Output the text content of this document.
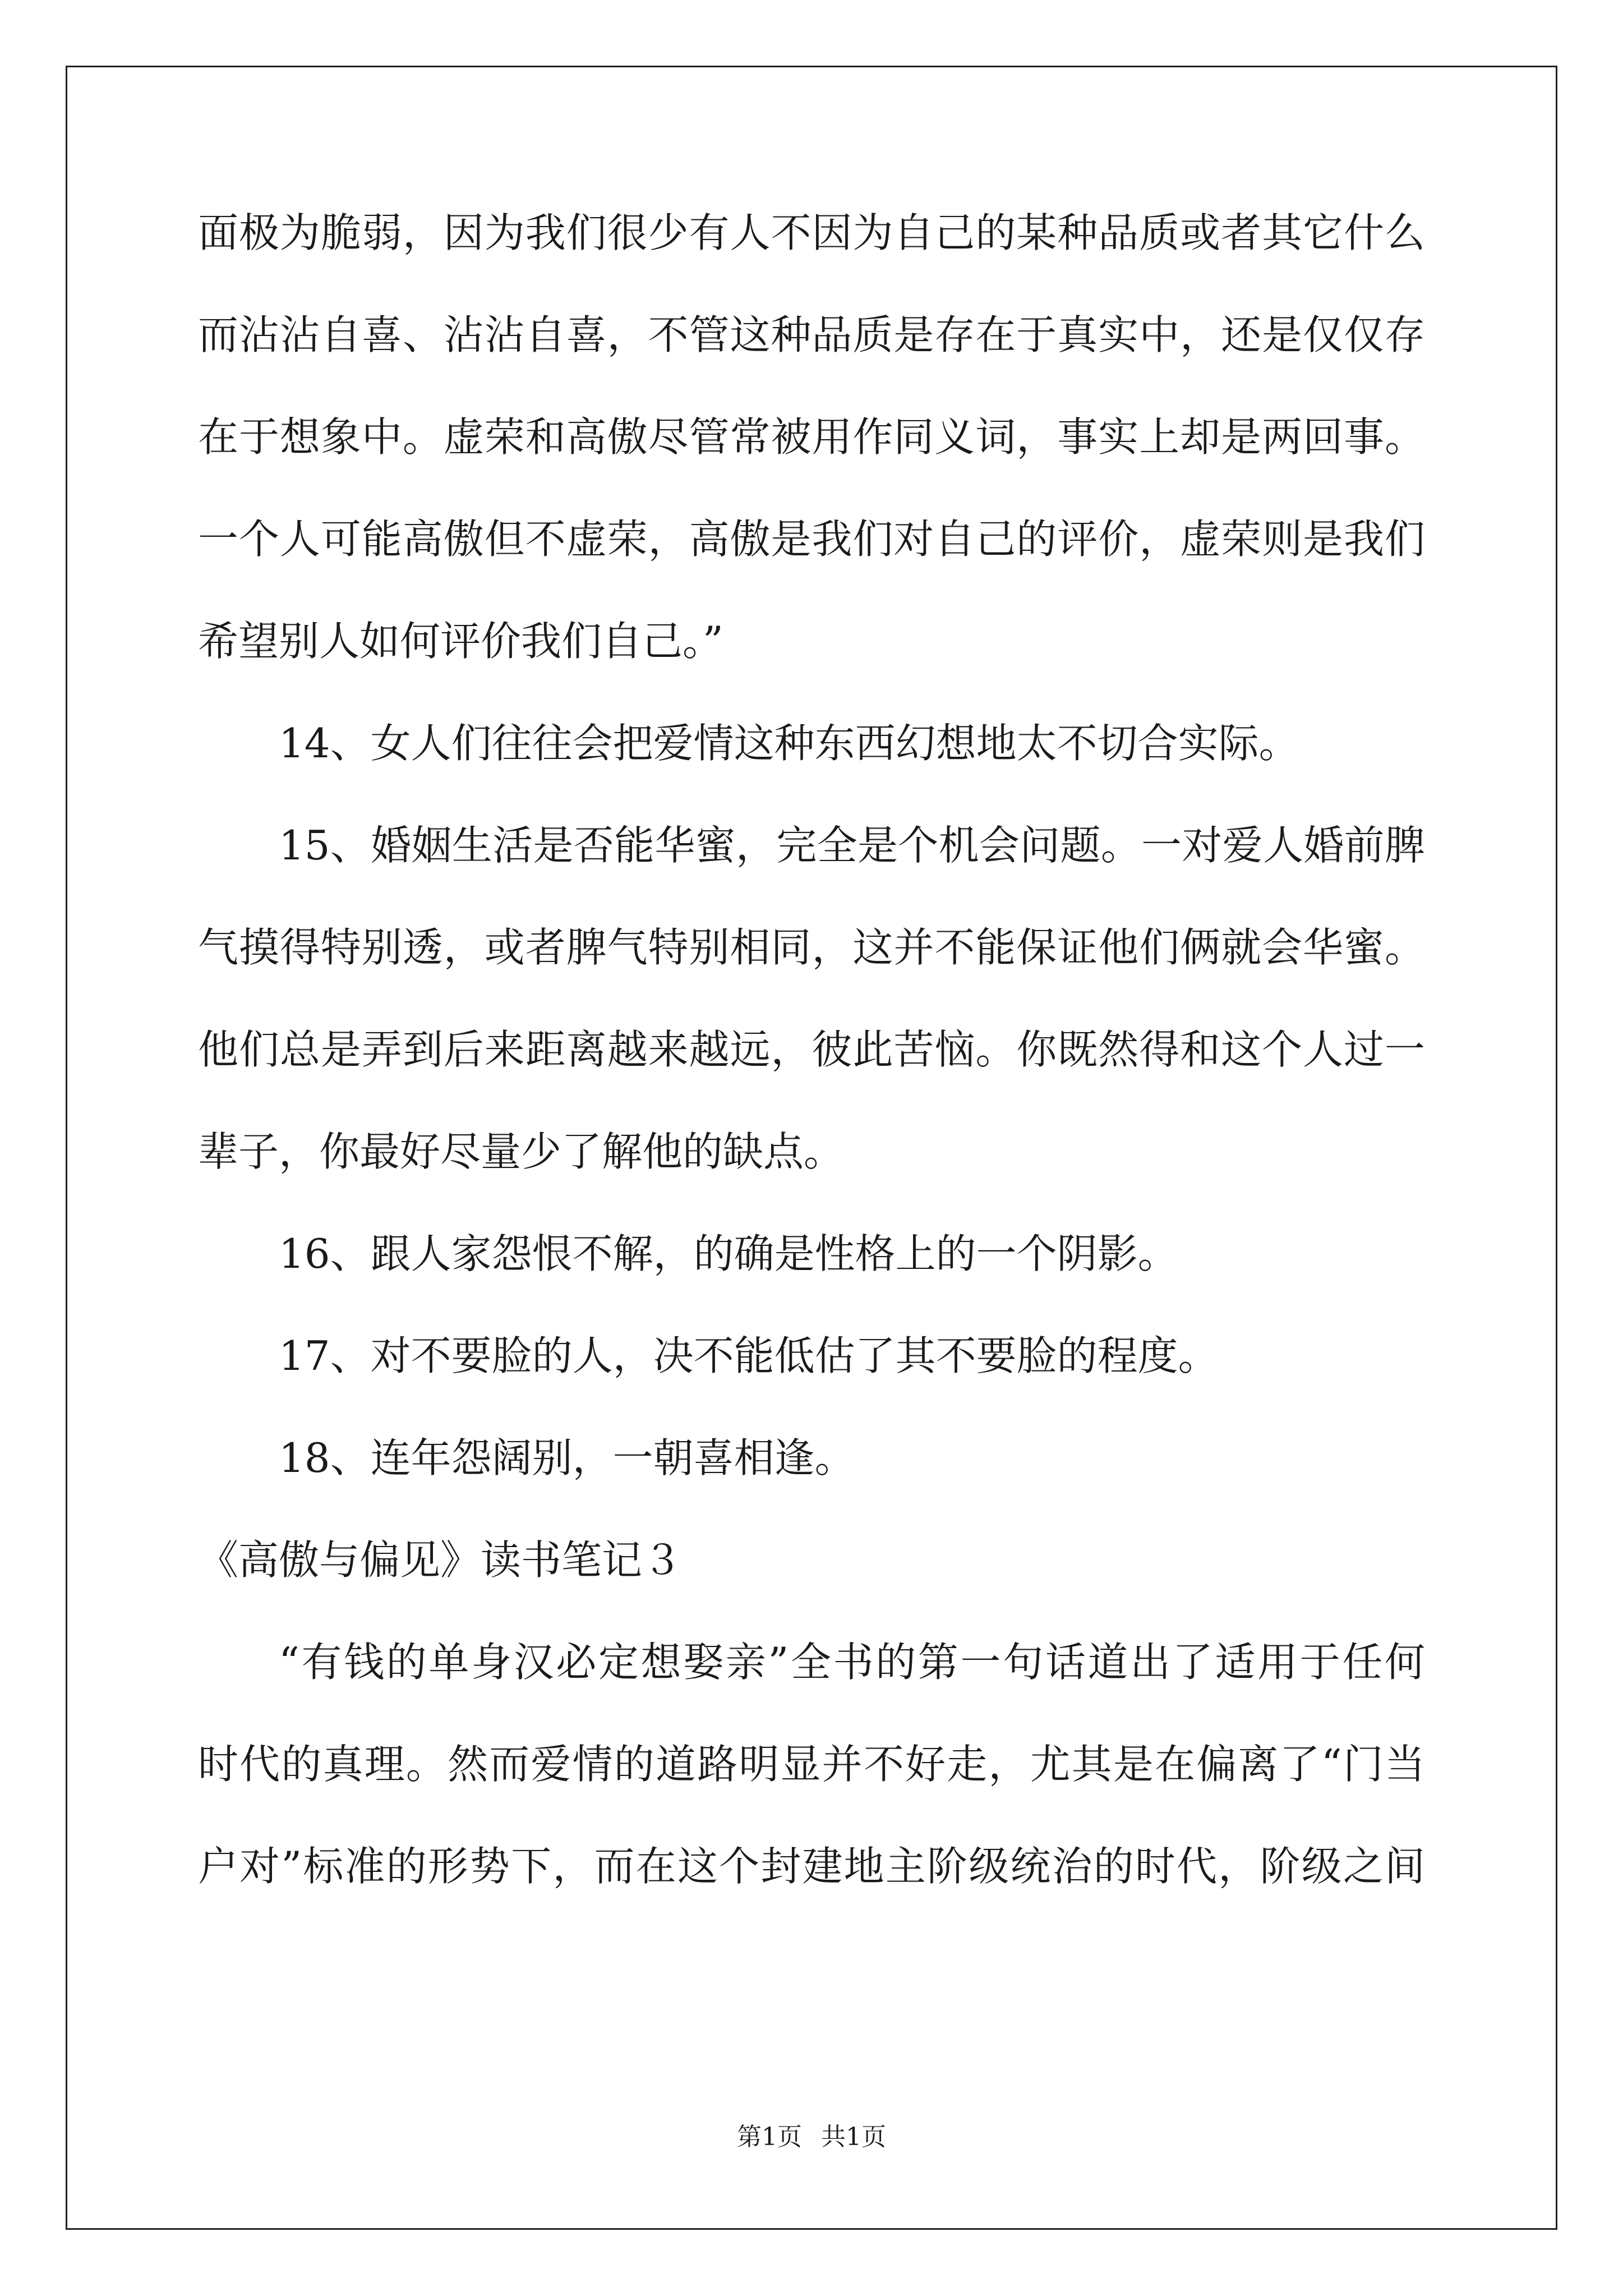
面极为脆弱，因为我们很少有人不因为自己的某种品质或者其它什么
而沾沾自喜、沾沾自喜，不管这种品质是存在于真实中，还是仅仅存
在于想象中。虚荣和高傲尽管常被用作同义词，事实上却是两回事。
一个人可能高傲但不虚荣，高傲是我们对自己的评价，虚荣则是我们
希望别人如何评价我们自己。”
14、女人们往往会把爱情这种东西幻想地太不切合实际。
15、婚姻生活是否能华蜜，完全是个机会问题。一对爱人婚前脾
气摸得特别透，或者脾气特别相同，这并不能保证他们俩就会华蜜。
他们总是弄到后来距离越来越远，彼此苦恼。你既然得和这个人过一
辈子，你最好尽量少了解他的缺点。
16、跟人家怨恨不解，的确是性格上的一个阴影。
17、对不要脸的人，决不能低估了其不要脸的程度。
18、连年怨阔别，一朝喜相逢。
《高傲与偏见》读书笔记３
“有钱的单身汉必定想娶亲”全书的第一句话道出了适用于任何
时代的真理。然而爱情的道路明显并不好走，尤其是在偏离了“门当
户对”标准的形势下，而在这个封建地主阶级统治的时代，阶级之间
第1页 共1页
